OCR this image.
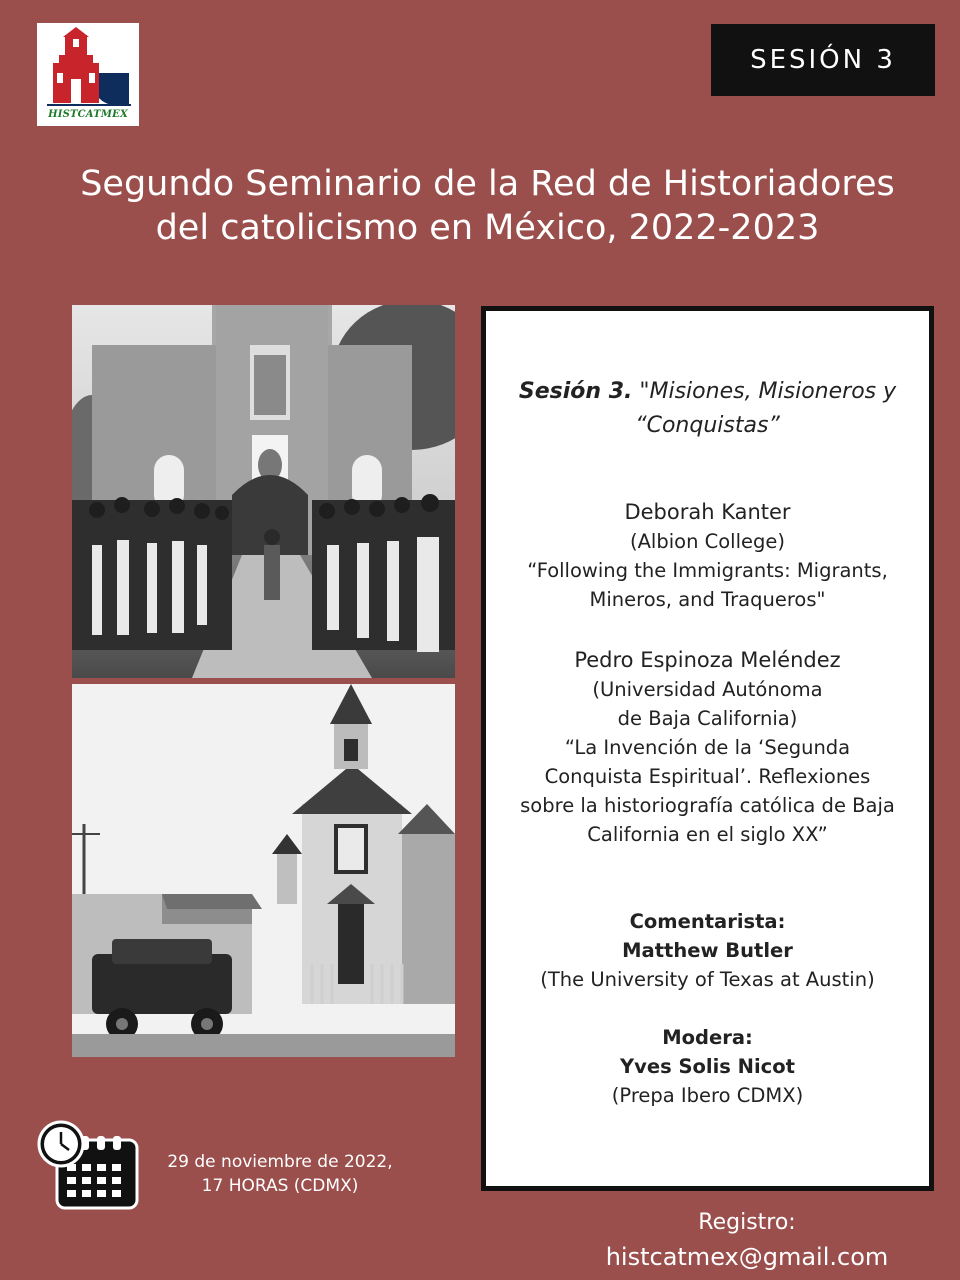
HISTCATMEX
SESIÓN 3
Segundo Seminario de la Red de Historiadores
del catolicismo en México, 2022-2023
Sesión 3. "Misiones, Misioneros y
“Conquistas”
Deborah Kanter
(Albion College)
“Following the Immigrants: Migrants,
Mineros, and Traqueros"
Pedro Espinoza Meléndez
(Universidad Autónoma
de Baja California)
“La Invención de la ‘Segunda
Conquista Espiritual’. Reflexiones
sobre la historiografía católica de Baja
California en el siglo XX”
Comentarista:
Matthew Butler
(The University of Texas at Austin)
Modera:
Yves Solis Nicot
(Prepa Ibero CDMX)
29 de noviembre de 2022,
17 HORAS (CDMX)
Registro:
histcatmex@gmail.com
